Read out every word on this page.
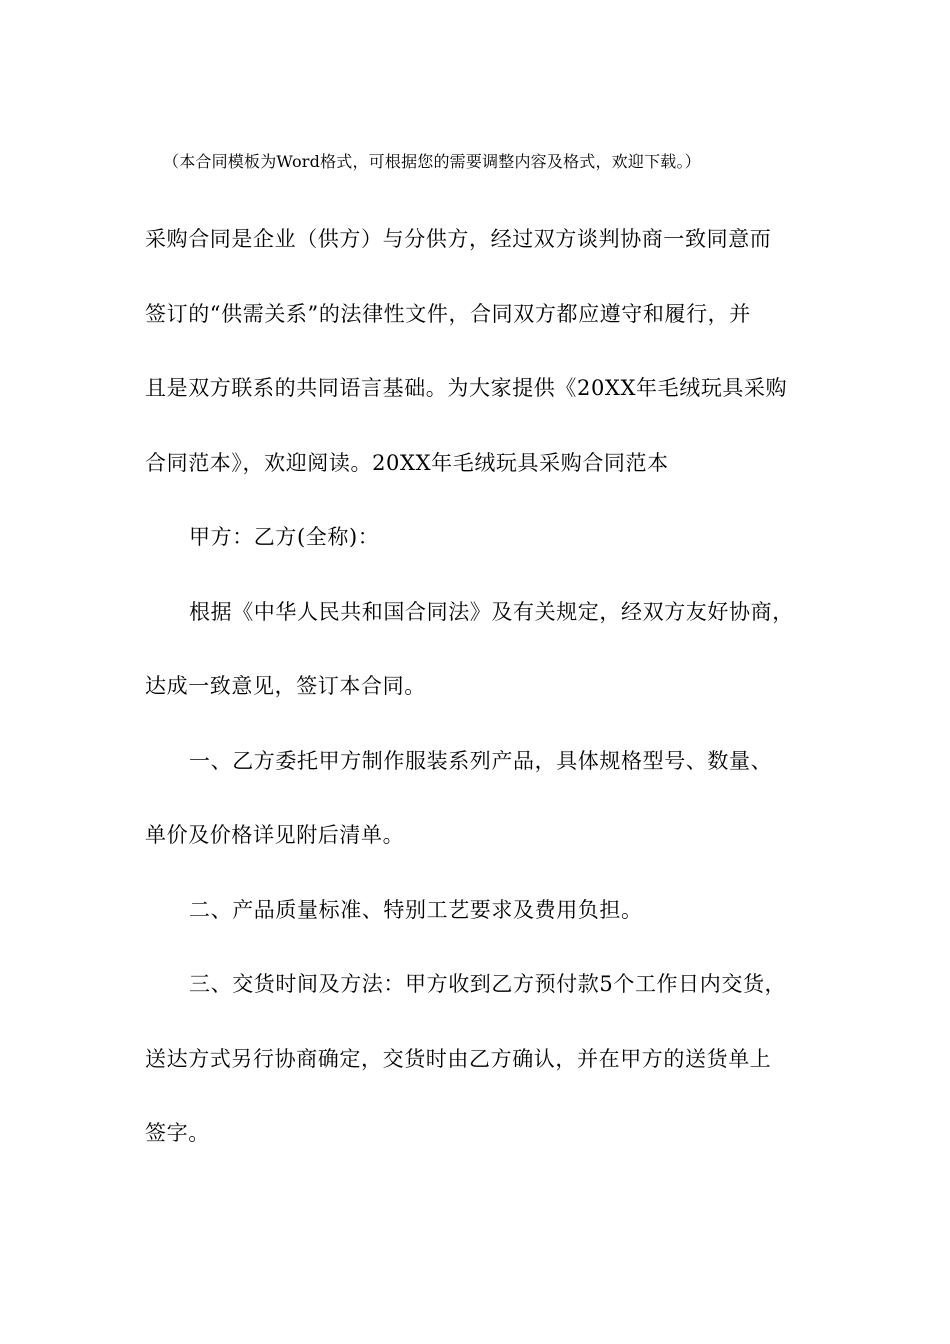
（本合同模板为Word格式，可根据您的需要调整内容及格式，欢迎下载。）
采购合同是企业（供方）与分供方，经过双方谈判协商一致同意而
签订的“供需关系”的法律性文件，合同双方都应遵守和履行，并
且是双方联系的共同语言基础。为大家提供《20XX年毛绒玩具采购
合同范本》，欢迎阅读。20XX年毛绒玩具采购合同范本
甲方：乙方(全称)：
根据《中华人民共和国合同法》及有关规定，经双方友好协商，
达成一致意见，签订本合同。
一、乙方委托甲方制作服装系列产品，具体规格型号、数量、
单价及价格详见附后清单。
二、产品质量标准、特别工艺要求及费用负担。
三、交货时间及方法：甲方收到乙方预付款5个工作日内交货，
送达方式另行协商确定，交货时由乙方确认，并在甲方的送货单上
签字。
